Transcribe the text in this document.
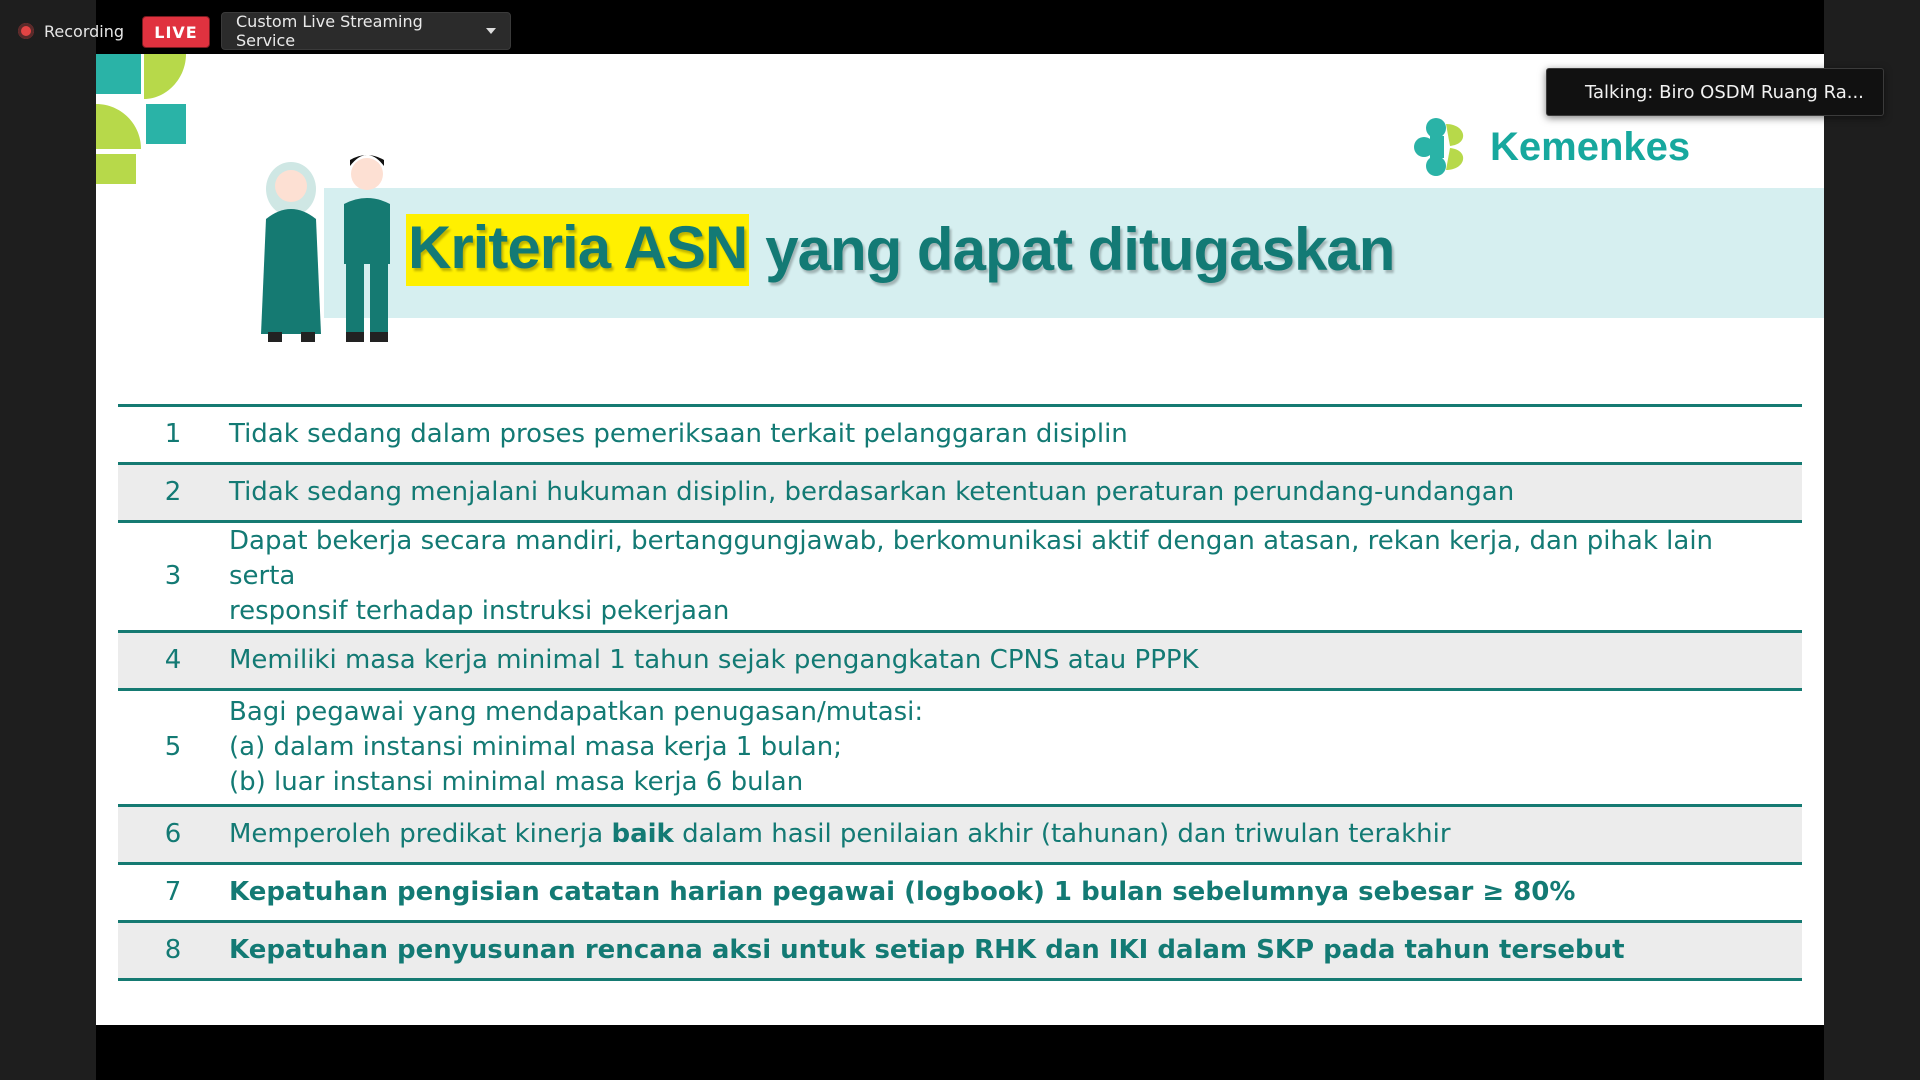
Recording	LIVE
Custom Live Streaming Service
Kriteria ASN yang dapat ditugaskan
Kemenkes
1	Tidak sedang dalam proses pemeriksaan terkait pelanggaran disiplin
2	Tidak sedang menjalani hukuman disiplin, berdasarkan ketentuan peraturan perundang-undangan
3	Dapat bekerja secara mandiri, bertanggungjawab, berkomunikasi aktif dengan atasan, rekan kerja, dan pihak lain serta
responsif terhadap instruksi pekerjaan

4	Memiliki masa kerja minimal 1 tahun sejak pengangkatan CPNS atau PPPK
5	Bagi pegawai yang mendapatkan penugasan/mutasi:
(a) dalam instansi minimal masa kerja 1 bulan;
(b) luar instansi minimal masa kerja 6 bulan

6	Memperoleh predikat kinerja baik dalam hasil penilaian akhir (tahunan) dan triwulan terakhir
7	Kepatuhan pengisian catatan harian pegawai (logbook) 1 bulan sebelumnya sebesar ≥ 80%
8	Kepatuhan penyusunan rencana aksi untuk setiap RHK dan IKI dalam SKP pada tahun tersebut
Talking: Biro OSDM Ruang Ra...
